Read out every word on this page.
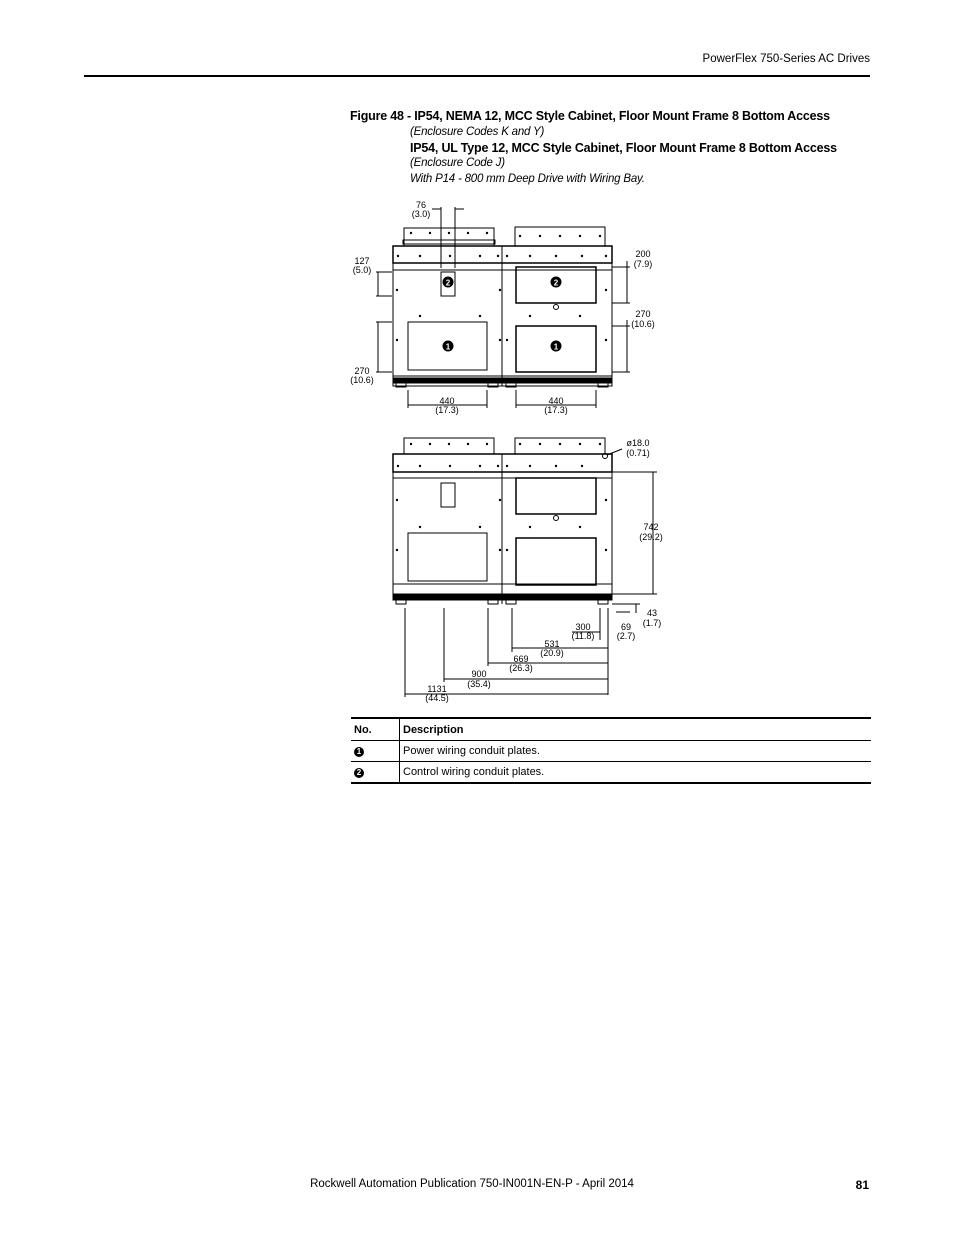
PowerFlex 750-Series AC Drives
Figure 48 - IP54, NEMA 12, MCC Style Cabinet, Floor Mount Frame 8 Bottom Access
(Enclosure Codes K and Y)
IP54, UL Type 12, MCC Style Cabinet, Floor Mount Frame 8 Bottom Access
(Enclosure Code J)
With P14 - 800 mm Deep Drive with Wiring Bay.
2	2
1	1
76
(3.0)
127
(5.0)
200
(7.9)
270
(10.6)
270
(10.6)
440
(17.3)
440
(17.3)
ø18.0
(0.71)
742
(29.2)
43
(1.7)
69
(2.7)
300
(11.8)
531
(20.9)
669
(26.3)
900
(35.4)
1131
(44.5)
No.	Description
1	Power wiring conduit plates.
2	Control wiring conduit plates.
Rockwell Automation Publication 750-IN001N-EN-P - April 2014	81
